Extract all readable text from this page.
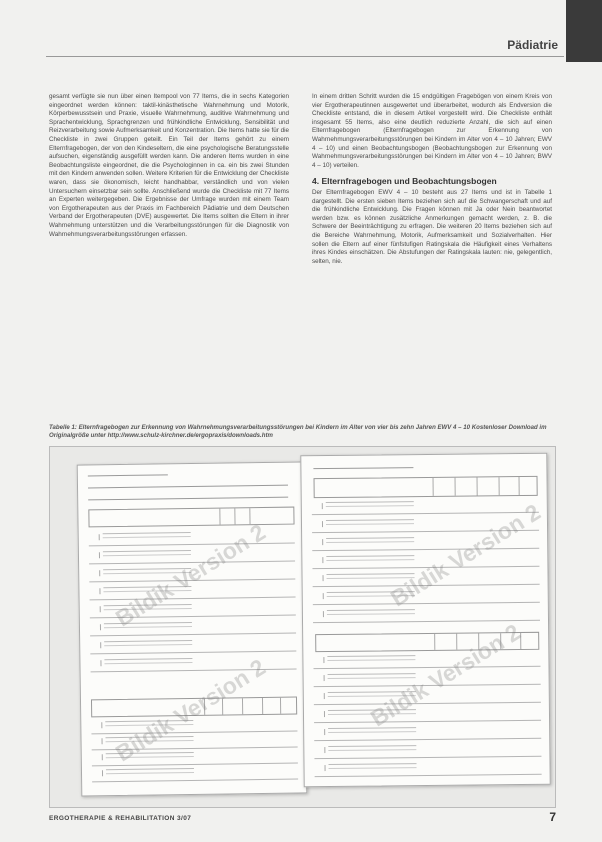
Pädiatrie

gesamt verfügte sie nun über einen Itempool von 77 Items, die in sechs Kategorien eingeordnet werden können: taktil-kinästhetische Wahrnehmung und Motorik, Körperbewusstsein und Praxie, visuelle Wahrnehmung, auditive Wahrnehmung und Sprachentwicklung, Sprachgrenzen und frühkindliche Entwicklung, Sensibilität und Reizverarbeitung sowie Aufmerksamkeit und Konzentration. Die Items hatte sie für die Checkliste in zwei Gruppen geteilt. Ein Teil der Items gehört zu einem Elternfragebogen, der von den Kindeseltern, die eine psychologische Beratungsstelle aufsuchen, eigenständig ausgefüllt werden kann. Die anderen Items wurden in eine Beobachtungsliste eingeordnet, die die Psychologinnen in ca. ein bis zwei Stunden mit den Kindern anwenden sollen. Weitere Kriterien für die Entwicklung der Checkliste waren, dass sie ökonomisch, leicht handhabbar, verständlich und von vielen Untersuchern einsetzbar sein sollte. Anschließend wurde die Checkliste mit 77 Items an Experten weitergegeben. Die Ergebnisse der Umfrage wurden mit einem Team von Ergotherapeuten aus der Praxis im Fachbereich Pädiatrie und dem Deutschen Verband der Ergotherapeuten (DVE) ausgewertet. Die Items sollten die Eltern in ihrer Wahrnehmung unterstützen und die Verarbeitungsstörungen für die Diagnostik von Wahrnehmungsverarbeitungsstörungen erfassen.

In einem dritten Schritt wurden die 15 endgültigen Fragebögen von einem Kreis von vier Ergotherapeutinnen ausgewertet und überarbeitet, wodurch als Endversion die Checkliste entstand, die in diesem Artikel vorgestellt wird. Die Checkliste enthält insgesamt 55 Items, also eine deutlich reduzierte Anzahl, die sich auf einen Elternfragebogen (Elternfragebogen zur Erkennung von Wahrnehmungsverarbeitungsstörungen bei Kindern im Alter von 4 – 10 Jahren; EWV 4 – 10) und einen Beobachtungsbogen (Beobachtungsbogen zur Erkennung von Wahrnehmungsverarbeitungsstörungen bei Kindern im Alter von 4 – 10 Jahren; BWV 4 – 10) verteilen.

4. Elternfragebogen und Beobachtungsbogen

Der Elternfragebogen EWV 4 – 10 besteht aus 27 Items und ist in Tabelle 1 dargestellt. Die ersten sieben Items beziehen sich auf die Schwangerschaft und auf die frühkindliche Entwicklung. Die Fragen können mit Ja oder Nein beantwortet werden bzw. es können zusätzliche Anmerkungen gemacht werden, z. B. die Schwere der Beeinträchtigung zu erfragen. Die weiteren 20 Items beziehen sich auf die Bereiche Wahrnehmung, Motorik, Aufmerksamkeit und Sozialverhalten. Hier sollen die Eltern auf einer fünfstufigen Ratingskala die Häufigkeit eines Verhaltens ihres Kindes einschätzen. Die Abstufungen der Ratingskala lauten: nie, gelegentlich, selten, nie.

Tabelle 1: Elternfragebogen zur Erkennung von Wahrnehmungsverarbeitungsstörungen bei Kindern im Alter von vier bis zehn Jahren EWV 4 – 10 Kostenloser Download im Originalgröße unter http://www.schulz-kirchner.de/ergopraxis/downloads.htm
Bildik Version 2	Bildik Version 2
Bildik Version 2	Bildik Version 2
ERGOTHERAPIE & REHABILITATION 3/07	7
